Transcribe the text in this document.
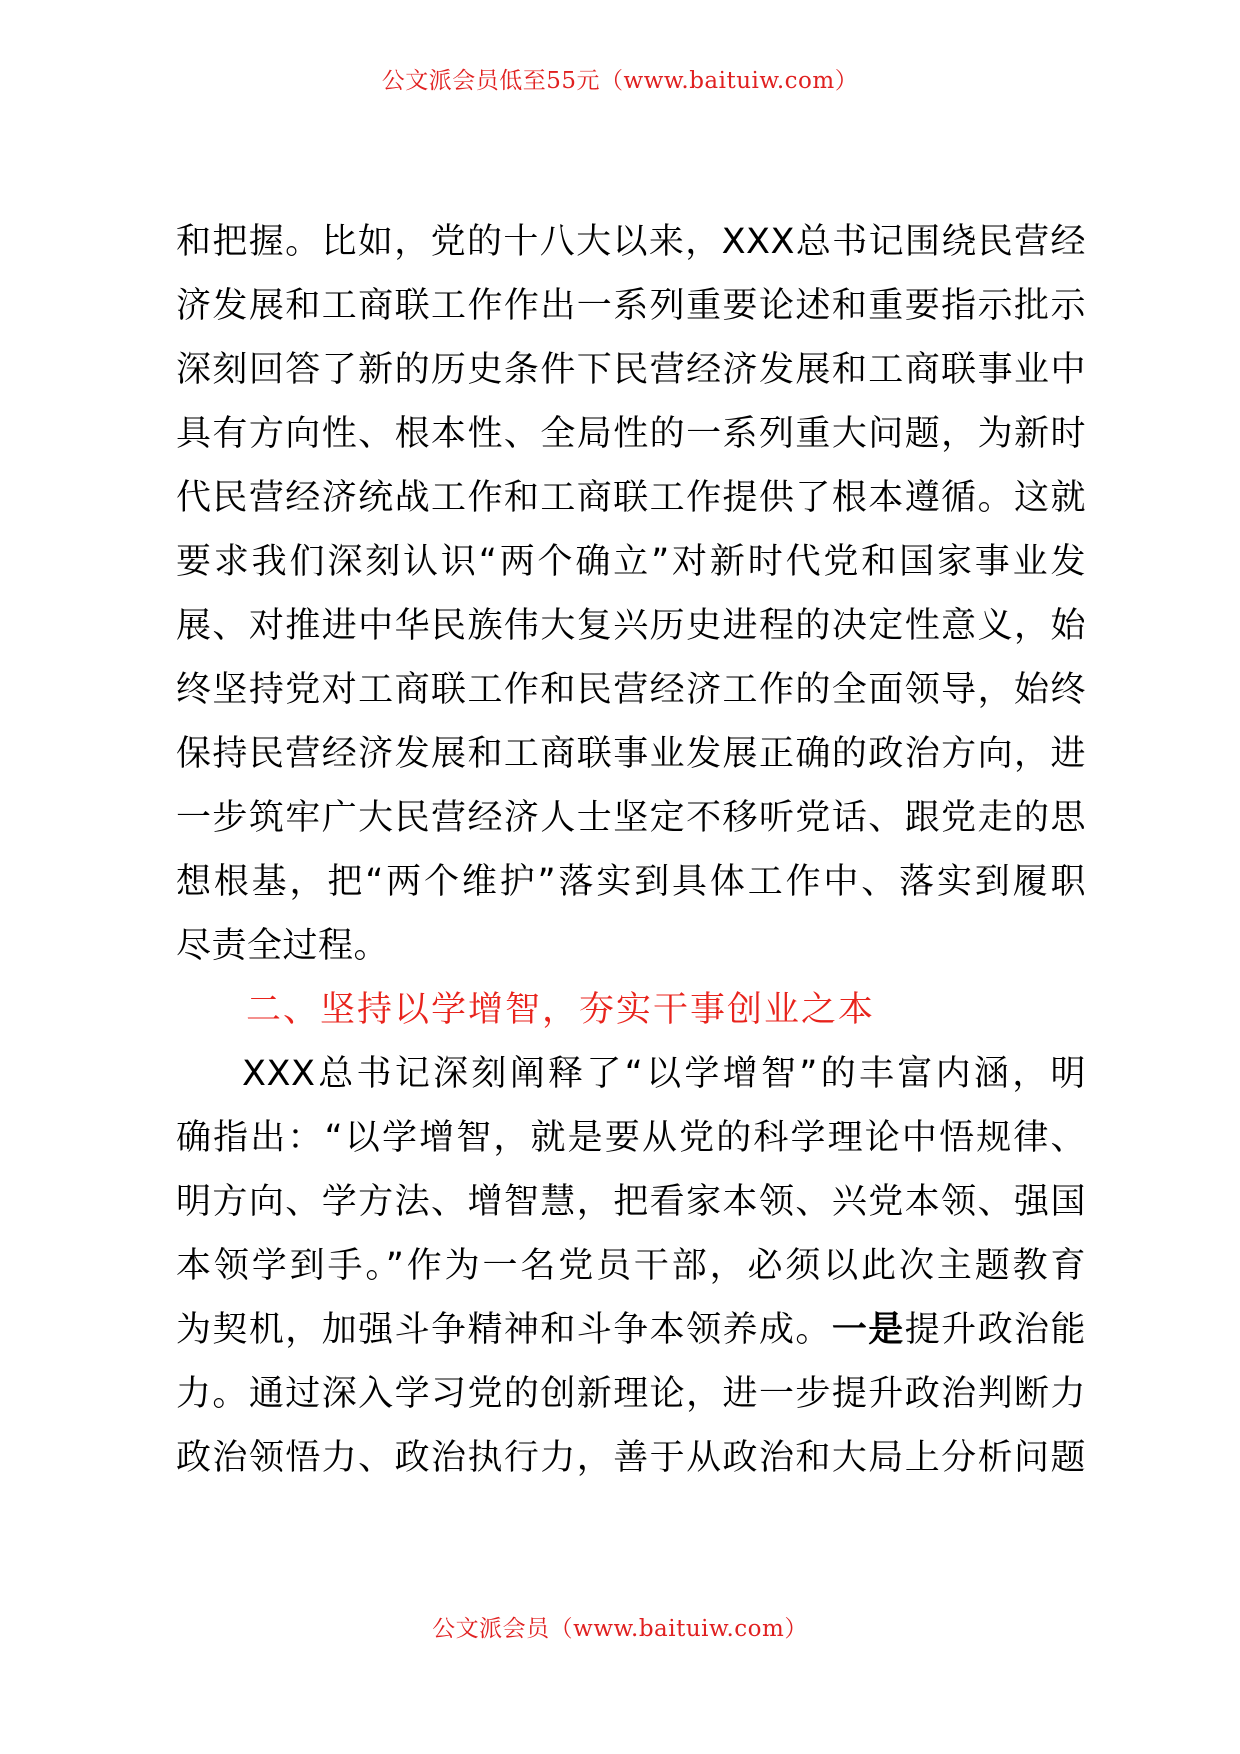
公文派会员低至55元（www.baituiw.com）
和把握。比如，党的十八大以来，XXX总书记围绕民营经
济发展和工商联工作作出一系列重要论述和重要指示批示
深刻回答了新的历史条件下民营经济发展和工商联事业中
具有方向性、根本性、全局性的一系列重大问题，为新时
代民营经济统战工作和工商联工作提供了根本遵循。这就
要求我们深刻认识“两个确立”对新时代党和国家事业发
展、对推进中华民族伟大复兴历史进程的决定性意义，始
终坚持党对工商联工作和民营经济工作的全面领导，始终
保持民营经济发展和工商联事业发展正确的政治方向，进
一步筑牢广大民营经济人士坚定不移听党话、跟党走的思
想根基，把“两个维护”落实到具体工作中、落实到履职
尽责全过程。
二、坚持以学增智，夯实干事创业之本
XXX总书记深刻阐释了“以学增智”的丰富内涵，明
确指出：“以学增智，就是要从党的科学理论中悟规律、
明方向、学方法、增智慧，把看家本领、兴党本领、强国
本领学到手。”作为一名党员干部，必须以此次主题教育
为契机，加强斗争精神和斗争本领养成。一是提升政治能
力。通过深入学习党的创新理论，进一步提升政治判断力
政治领悟力、政治执行力，善于从政治和大局上分析问题
公文派会员（www.baituiw.com）
